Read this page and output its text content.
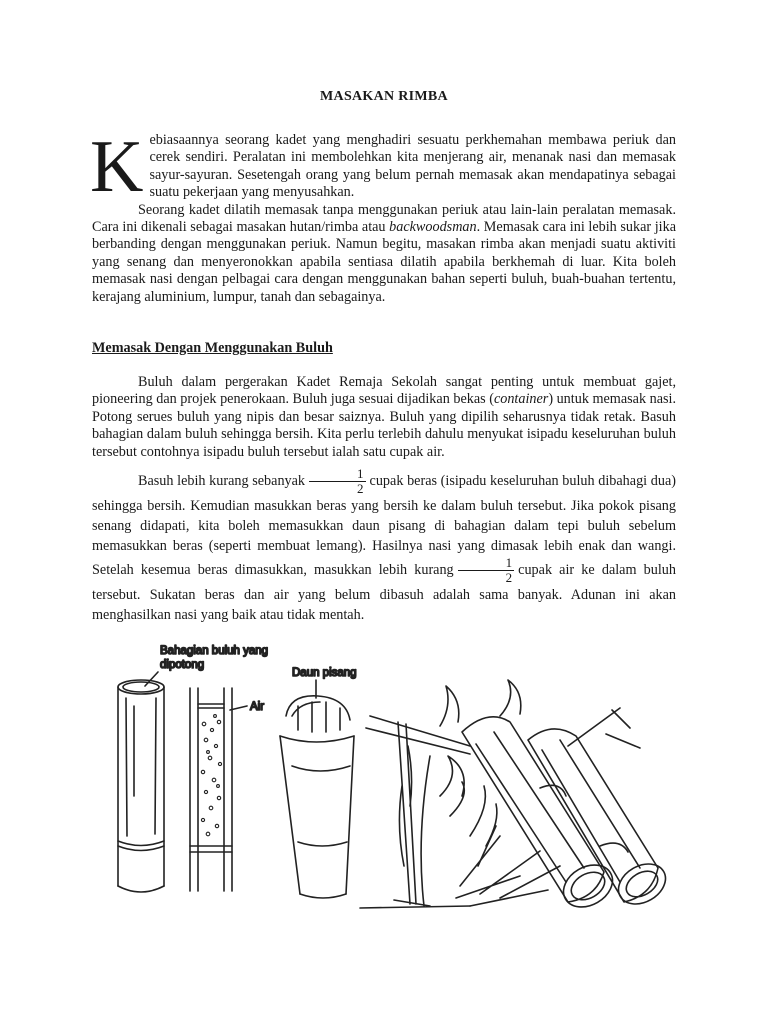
MASAKAN RIMBA

Kebiasaannya seorang kadet yang menghadiri sesuatu perkhemahan membawa periuk dan cerek sendiri. Peralatan ini membolehkan kita menjerang air, menanak nasi dan memasak sayur-sayuran. Sesetengah orang yang belum pernah memasak akan mendapatinya sebagai suatu pekerjaan yang menyusahkan.

Seorang kadet dilatih memasak tanpa menggunakan periuk atau lain-lain peralatan memasak. Cara ini dikenali sebagai masakan hutan/rimba atau backwoodsman. Memasak cara ini lebih sukar jika berbanding dengan menggunakan periuk. Namun begitu, masakan rimba akan menjadi suatu aktiviti yang senang dan menyeronokkan apabila sentiasa dilatih apabila berkhemah di luar. Kita boleh memasak nasi dengan pelbagai cara dengan menggunakan bahan seperti buluh, buah-buahan tertentu, kerajang aluminium, lumpur, tanah dan sebagainya.

Memasak Dengan Menggunakan Buluh

Buluh dalam pergerakan Kadet Remaja Sekolah sangat penting untuk membuat gajet, pioneering dan projek penerokaan. Buluh juga sesuai dijadikan bekas (container) untuk memasak nasi. Potong serues buluh yang nipis dan besar saiznya. Buluh yang dipilih seharusnya tidak retak. Basuh bahagian dalam buluh sehingga bersih. Kita perlu terlebih dahulu menyukat isipadu keseluruhan buluh tersebut contohnya isipadu buluh tersebut ialah satu cupak air.

Basuh lebih kurang sebanyak $\frac{1}{2}$ cupak beras (isipadu keseluruhan buluh dibahagi dua) sehingga bersih. Kemudian masukkan beras yang bersih ke dalam buluh tersebut. Jika pokok pisang senang didapati, kita boleh memasukkan daun pisang di bahagian dalam tepi buluh sebelum memasukkan beras (seperti membuat lemang). Hasilnya nasi yang dimasak lebih enak dan wangi. Setelah kesemua beras dimasukkan, masukkan lebih kurang $\frac{1}{2}$ cupak air ke dalam buluh tersebut. Sukatan beras dan air yang belum dibasuh adalah sama banyak. Adunan ini akan menghasilkan nasi yang baik atau tidak mentah.

Bahagian buluh yang
dipotong
Air
Daun pisang
